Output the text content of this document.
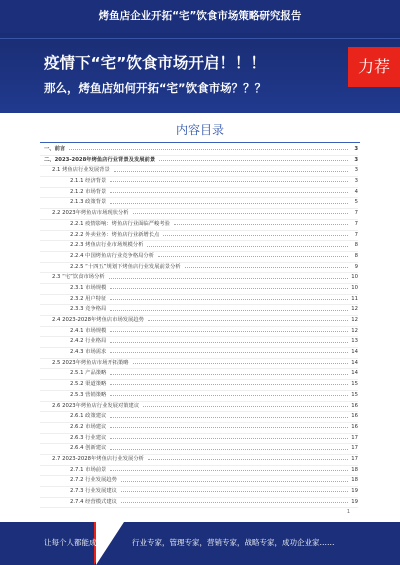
烤鱼店企业开拓“宅”饮食市场策略研究报告
疫情下“宅”饮食市场开启！！！
那么，烤鱼店如何开拓“宅”饮食市场？？？
力荐
内容目录
一、前言	3
二、2023-2028年烤鱼店行业背景及发展前景	3
2.1 烤鱼店行业发展背景	3
2.1.1 经济背景	3
2.1.2 市场背景	4
2.1.3 政策背景	5
2.2 2023年烤鱼店市场现状分析	7
2.2.1 疫情影响：烤鱼店行业面临严峻考验	7
2.2.2 外卖业务：烤鱼店行业新增长点	7
2.2.3 烤鱼店行业市场规模分析	8
2.2.4 中国烤鱼店行业竞争格局分析	8
2.2.5 “十四五”规划下烤鱼店行业发展前景分析	9
2.3 “宅”饮食市场分析	10
2.3.1 市场规模	10
2.3.2 用户特征	11
2.3.3 竞争格局	12
2.4 2023-2028年烤鱼店市场发展趋势	12
2.4.1 市场规模	12
2.4.2 行业格局	13
2.4.3 市场需求	14
2.5 2023年烤鱼店市场开拓策略	14
2.5.1 产品策略	14
2.5.2 渠道策略	15
2.5.3 营销策略	15
2.6 2023年烤鱼店行业发展对策建议	16
2.6.1 政策建议	16
2.6.2 市场建议	16
2.6.3 行业建议	17
2.6.4 创新建议	17
2.7 2023-2028年烤鱼店行业发展分析	17
2.7.1 市场前景	18
2.7.2 行业发展趋势	18
2.7.3 行业发展建议	19
2.7.4 经营模式建议	19
1
让每个人都能成为	行业专家，管理专家，营销专家，战略专家，成功企业家……
